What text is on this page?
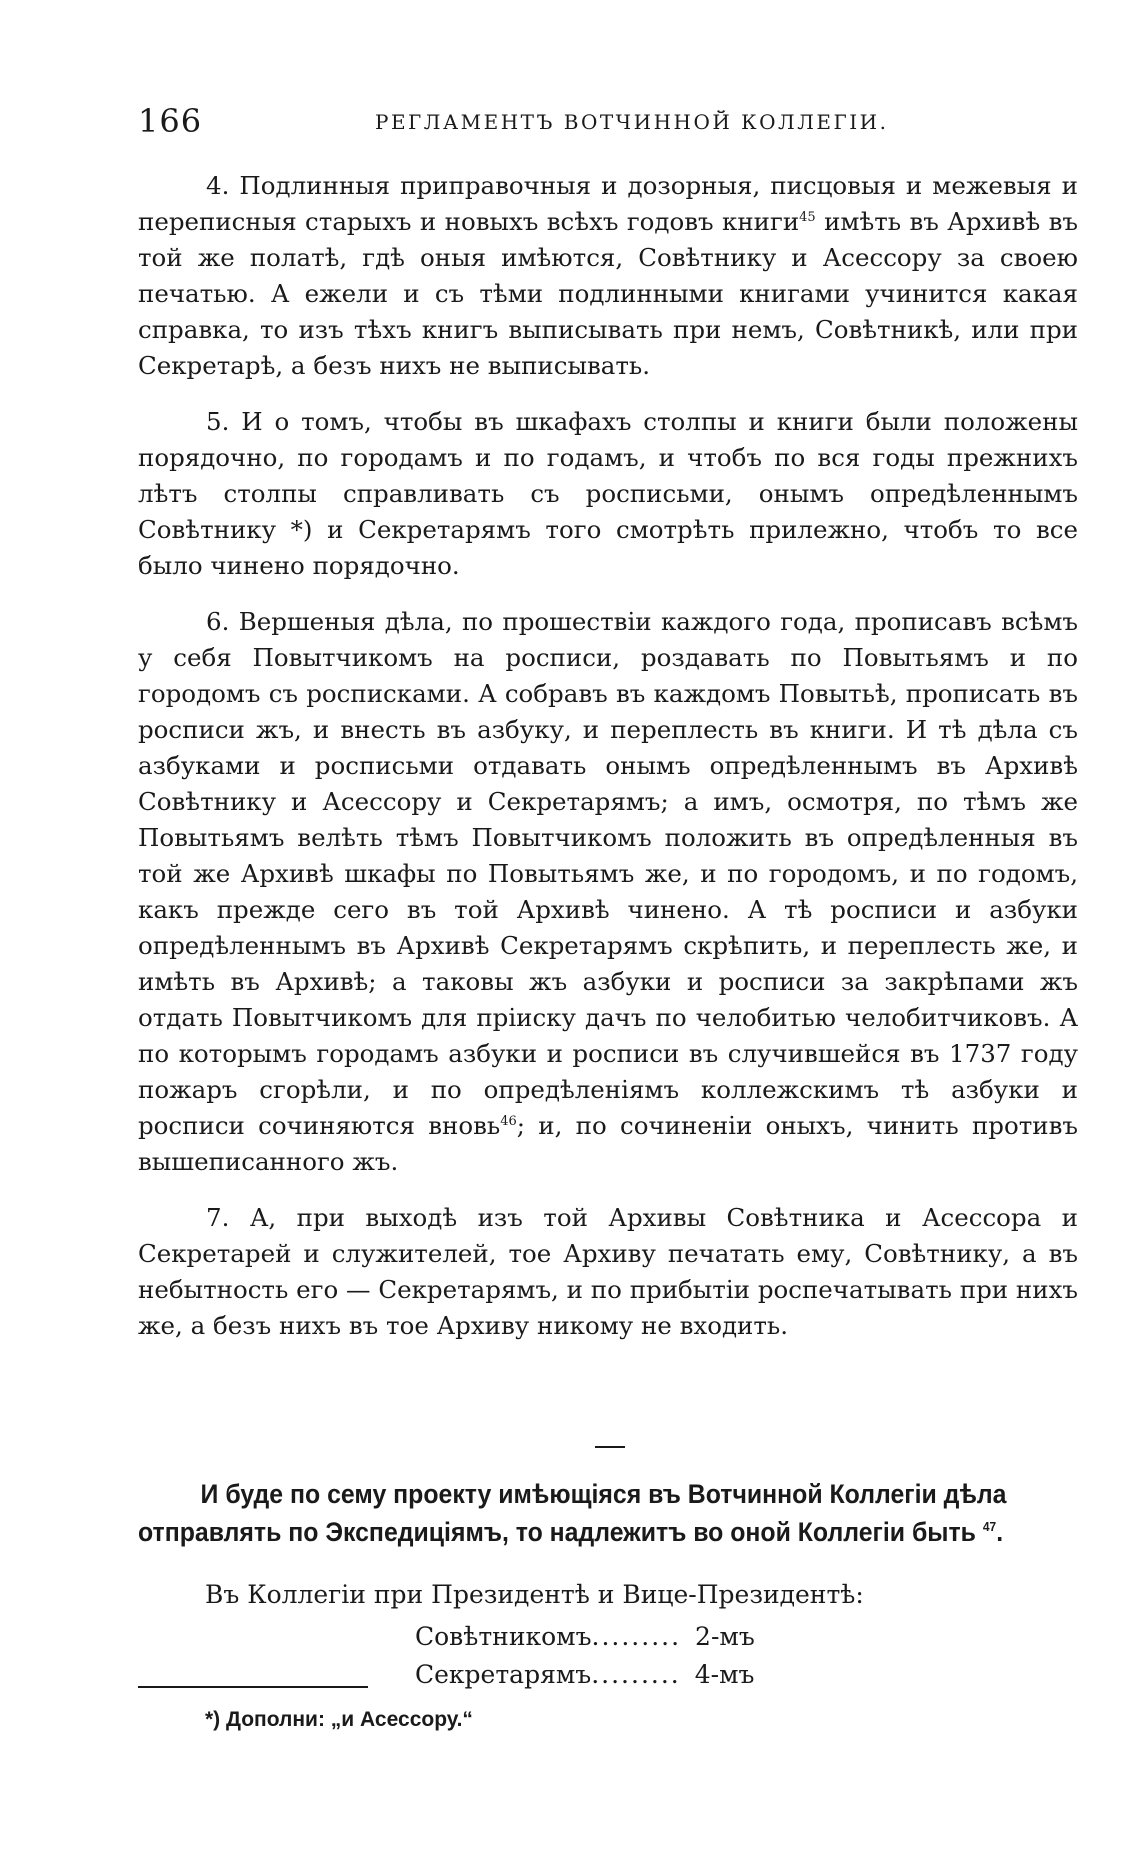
166	РЕГЛАМЕНТЪ ВОТЧИННОЙ КОЛЛЕГІИ.

4. Подлинныя приправочныя и дозорныя, писцовыя и межевыя и переписныя старыхъ и новыхъ всѣхъ годовъ книги$^{45}$ имѣть въ Архивѣ въ той же полатѣ, гдѣ оныя имѣются, Совѣтнику и Асессору за своею печатью. А ежели и съ тѣми подлинными книгами учинится какая справка, то изъ тѣхъ книгъ выписывать при немъ, Совѣтникѣ, или при Секретарѣ, а безъ нихъ не выписывать.

5. И о томъ, чтобы въ шкафахъ столпы и книги были положены порядочно, по городамъ и по годамъ, и чтобъ по вся годы прежнихъ лѣтъ столпы справливать съ росписьми, онымъ опредѣленнымъ Совѣтнику *) и Секретарямъ того смотрѣть прилежно, чтобъ то все было чинено порядочно.

6. Вершеныя дѣла, по прошествіи каждого года, прописавъ всѣмъ у себя Повытчикомъ на росписи, роздавать по Повытьямъ и по городомъ съ росписками. А собравъ въ каждомъ Повытьѣ, прописать въ росписи жъ, и внесть въ азбуку, и переплесть въ книги. И тѣ дѣла съ азбуками и росписьми отдавать онымъ опредѣленнымъ въ Архивѣ Совѣтнику и Асессору и Секретарямъ; а имъ, осмотря, по тѣмъ же Повытьямъ велѣть тѣмъ Повытчикомъ положить въ опредѣленныя въ той же Архивѣ шкафы по Повытьямъ же, и по городомъ, и по годомъ, какъ прежде сего въ той Архивѣ чинено. А тѣ росписи и азбуки опредѣленнымъ въ Архивѣ Секретарямъ скрѣпить, и переплесть же, и имѣть въ Архивѣ; а таковы жъ азбуки и росписи за закрѣпами жъ отдать Повытчикомъ для пріиску дачъ по челобитью челобитчиковъ. А по которымъ городамъ азбуки и росписи въ случившейся въ 1737 году пожаръ сгорѣли, и по опредѣленіямъ коллежскимъ тѣ азбуки и росписи сочиняются вновь$^{46}$; и, по сочиненіи оныхъ, чинить противъ вышеписанного жъ.

7. А, при выходѣ изъ той Архивы Совѣтника и Асессора и Секретарей и служителей, тое Архиву печатать ему, Совѣтнику, а въ небытность его — Секретарямъ, и по прибытіи роспечатывать при нихъ же, а безъ нихъ въ тое Архиву никому не входить.

И буде по сему проекту имѣющіяся въ Вотчинной Коллегіи дѣла
отправлять по Экспедиціямъ, то надлежитъ во оной Коллегіи быть $^{47}$.
Въ Коллегіи при Президентѣ и Вице-Президентѣ:
Совѣтникомъ......... 2-мъ
Секретарямъ......... 4-мъ
*) Дополни: „и Асессору.“
